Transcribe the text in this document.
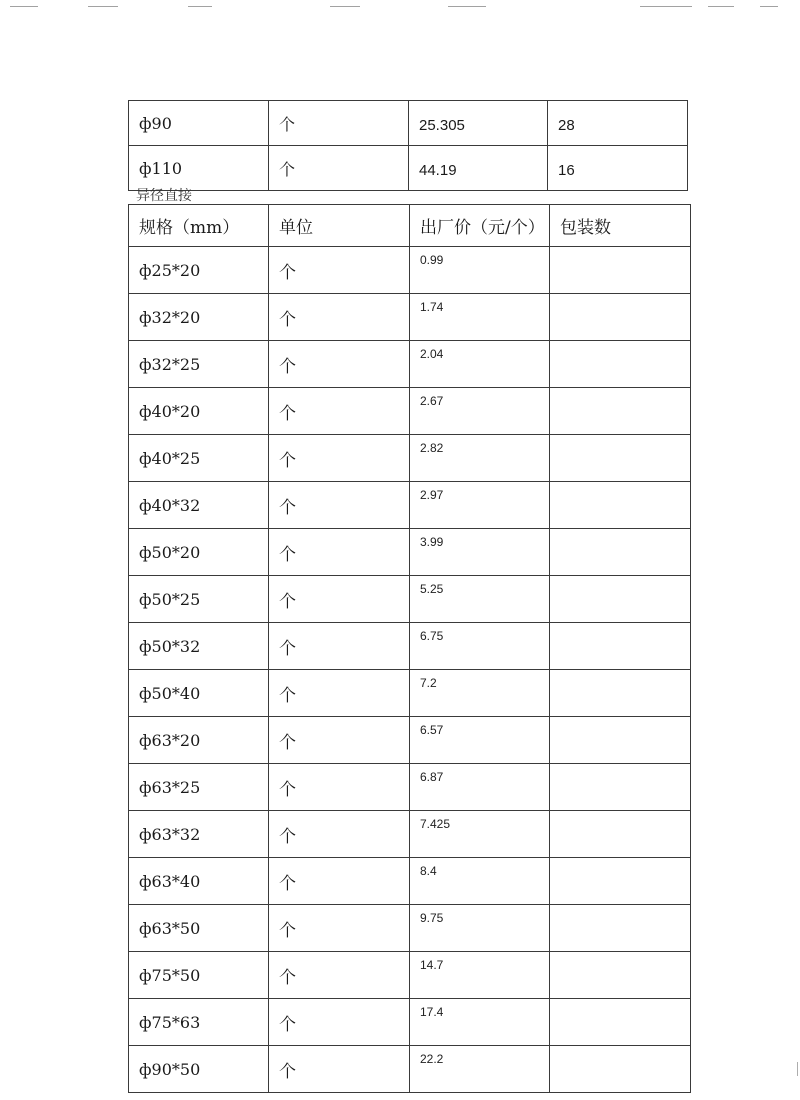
ф90	个	25.305	28
ф110	个	44.19	16
异径直接
规格（mm）	单位	出厂价（元/个）	包装数
ф25*20	个	0.99	
ф32*20	个	1.74	
ф32*25	个	2.04	
ф40*20	个	2.67	
ф40*25	个	2.82	
ф40*32	个	2.97	
ф50*20	个	3.99	
ф50*25	个	5.25	
ф50*32	个	6.75	
ф50*40	个	7.2	
ф63*20	个	6.57	
ф63*25	个	6.87	
ф63*32	个	7.425	
ф63*40	个	8.4	
ф63*50	个	9.75	
ф75*50	个	14.7	
ф75*63	个	17.4	
ф90*50	个	22.2	
